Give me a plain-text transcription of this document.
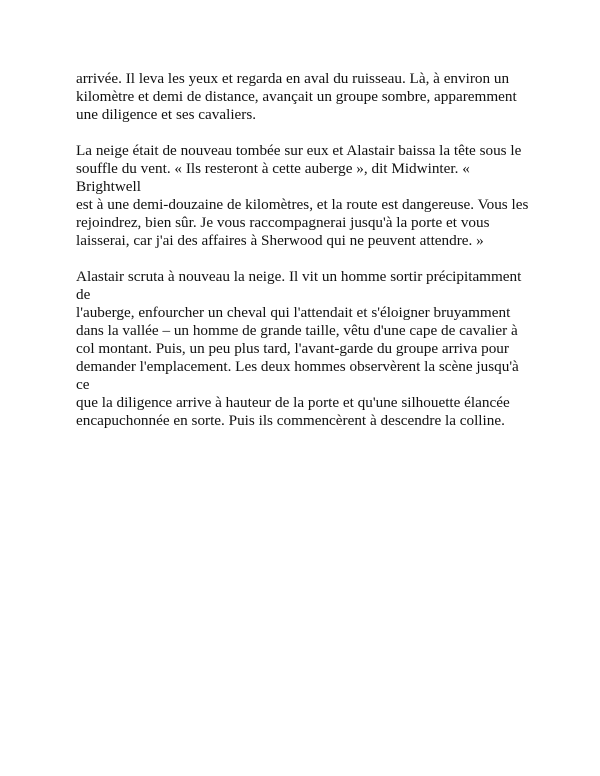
arrivée. Il leva les yeux et regarda en aval du ruisseau. Là, à environ un
kilomètre et demi de distance, avançait un groupe sombre, apparemment
une diligence et ses cavaliers.

La neige était de nouveau tombée sur eux et Alastair baissa la tête sous le
souffle du vent. « Ils resteront à cette auberge », dit Midwinter. « Brightwell
est à une demi-douzaine de kilomètres, et la route est dangereuse. Vous les
rejoindrez, bien sûr. Je vous raccompagnerai jusqu'à la porte et vous
laisserai, car j'ai des affaires à Sherwood qui ne peuvent attendre. »

Alastair scruta à nouveau la neige. Il vit un homme sortir précipitamment de
l'auberge, enfourcher un cheval qui l'attendait et s'éloigner bruyamment
dans la vallée – un homme de grande taille, vêtu d'une cape de cavalier à
col montant. Puis, un peu plus tard, l'avant-garde du groupe arriva pour
demander l'emplacement. Les deux hommes observèrent la scène jusqu'à ce
que la diligence arrive à hauteur de la porte et qu'une silhouette élancée
encapuchonnée en sorte. Puis ils commencèrent à descendre la colline.
